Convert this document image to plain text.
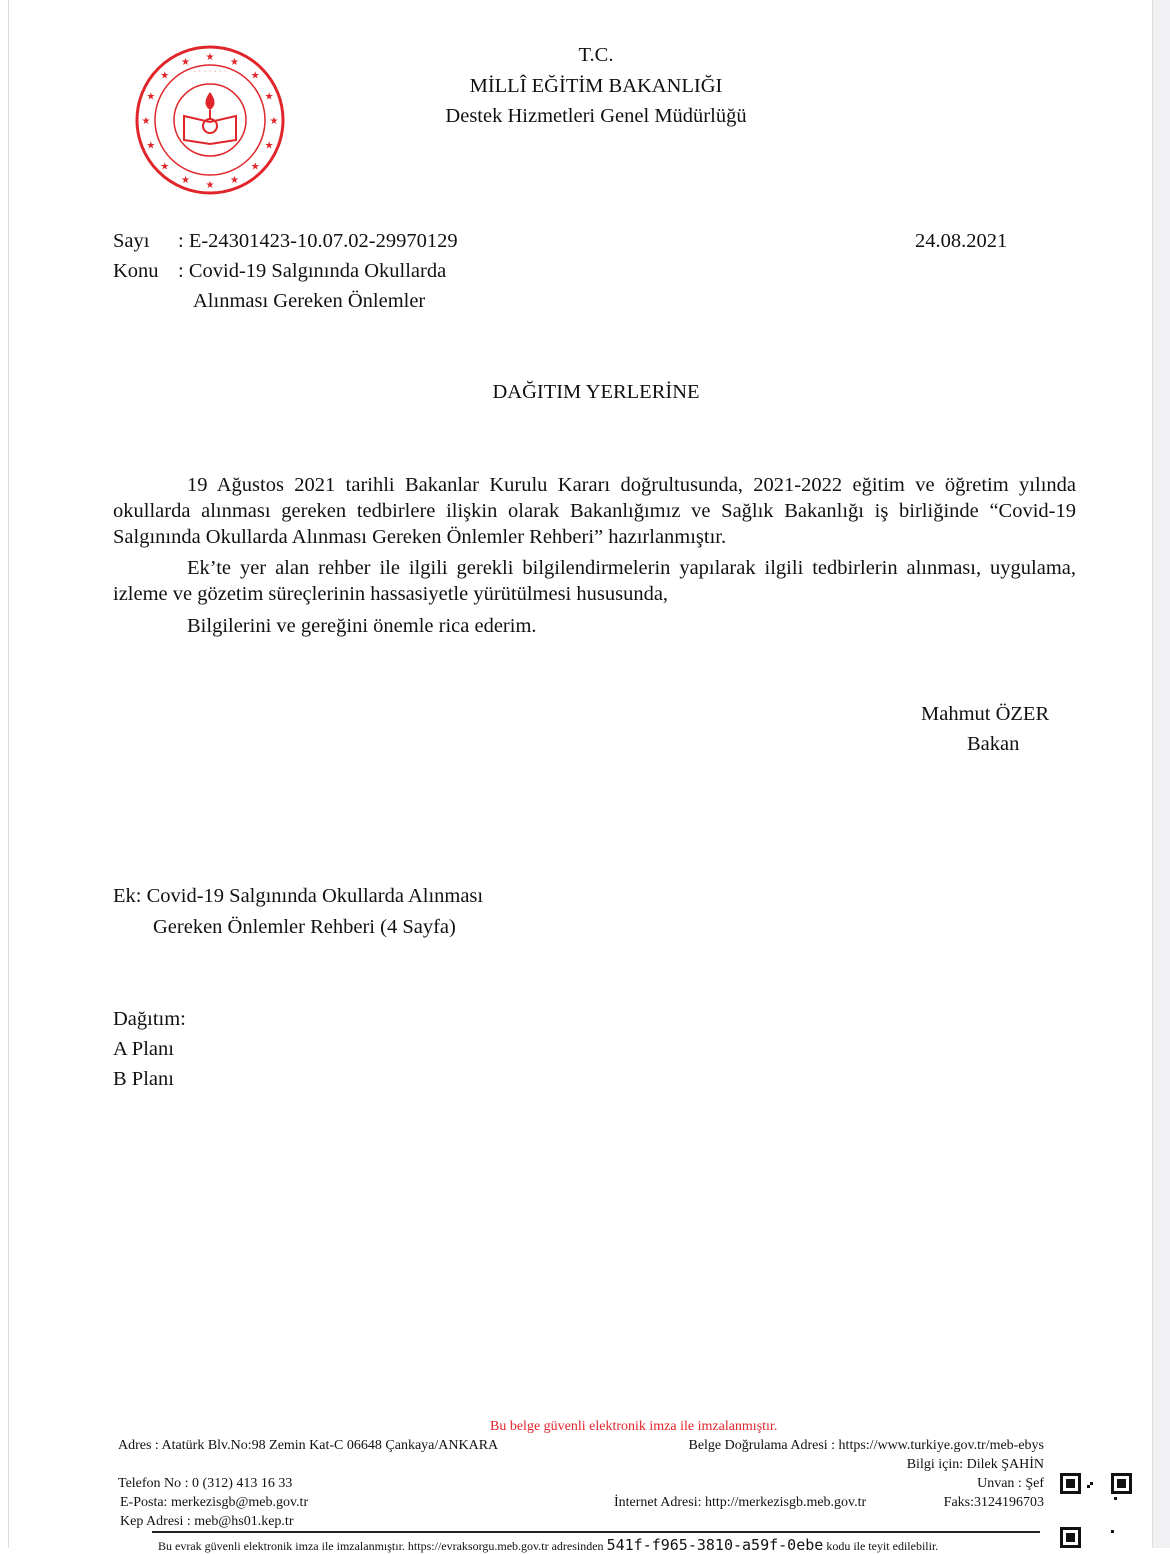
★
★
★
★
★
★
★
★
★
★
★
★ ★ ★
★
★
· · · · · · ·
T.C.
MİLLÎ EĞİTİM BAKANLIĞI
Destek Hizmetleri Genel Müdürlüğü
Sayı : E-24301423-10.07.02-29970129	24.08.2021
Konu : Covid-19 Salgınında Okullarda
Alınması Gereken Önlemler
DAĞITIM YERLERİNE
19 Ağustos 2021 tarihli Bakanlar Kurulu Kararı doğrultusunda, 2021-2022 eğitim ve öğretim yılında okullarda alınması gereken tedbirlere ilişkin olarak Bakanlığımız ve Sağlık Bakanlığı iş birliğinde “Covid-19 Salgınında Okullarda Alınması Gereken Önlemler Rehberi” hazırlanmıştır.
Ek’te yer alan rehber ile ilgili gerekli bilgilendirmelerin yapılarak ilgili tedbirlerin alınması, uygulama, izleme ve gözetim süreçlerinin hassasiyetle yürütülmesi hususunda,
Bilgilerini ve gereğini önemle rica ederim.
Mahmut ÖZER
Bakan
Ek: Covid-19 Salgınında Okullarda Alınması
Gereken Önlemler Rehberi (4 Sayfa)
Dağıtım:
A Planı
B Planı
Bu belge güvenli elektronik imza ile imzalanmıştır.
Adres : Atatürk Blv.No:98 Zemin Kat-C 06648 Çankaya/ANKARA	Belge Doğrulama Adresi : https://www.turkiye.gov.tr/meb-ebys
Bilgi için: Dilek ŞAHİN
Telefon No : 0 (312) 413 16 33	Unvan : Şef
E-Posta: merkezisgb@meb.gov.tr	İnternet Adresi: http://merkezisgb.meb.gov.tr	Faks:3124196703
Kep Adresi : meb@hs01.kep.tr
Bu evrak güvenli elektronik imza ile imzalanmıştır. https://evraksorgu.meb.gov.tr adresinden 541f-f965-3810-a59f-0ebe kodu ile teyit edilebilir.
